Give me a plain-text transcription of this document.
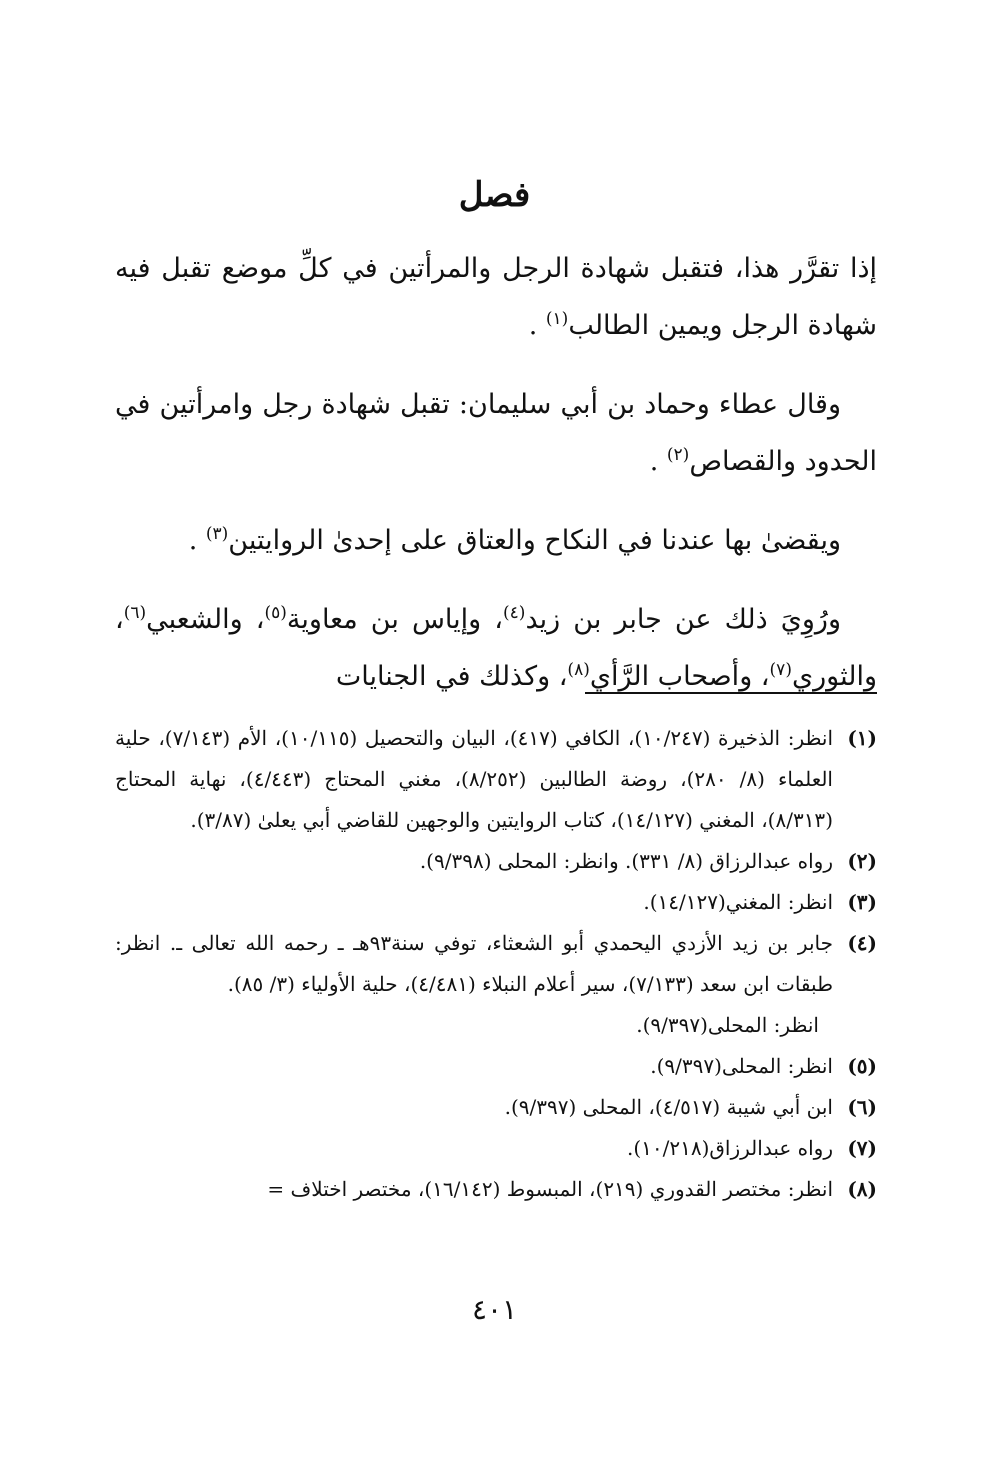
فصل

إذا تقرَّر هذا، فتقبل شهادة الرجل والمرأتين في كلِّ موضع تقبل فيه شهادة الرجل ويمين الطالب$^{(١)}$ .

وقال عطاء وحماد بن أبي سليمان: تقبل شهادة رجل وامرأتين في الحدود والقصاص$^{(٢)}$ .

ويقضىٰ بها عندنا في النكاح والعتاق على إحدىٰ الروايتين$^{(٣)}$ .

ورُوِيَ ذلك عن جابر بن زيد$^{(٤)}$، وإياس بن معاوية$^{(٥)}$، والشعبي$^{(٦)}$، والثوري$^{(٧)}$، وأصحاب الرَّأي$^{(٨)}$، وكذلك في الجنايات

(١)
انظر: الذخيرة (١٠/٢٤٧)، الكافي (٤١٧)، البيان والتحصيل (١٠/١١٥)، الأم (٧/١٤٣)، حلية العلماء (٨/ ٢٨٠)، روضة الطالبين (٨/٢٥٢)، مغني المحتاج (٤/٤٤٣)، نهاية المحتاج (٨/٣١٣)، المغني (١٤/١٢٧)، كتاب الروايتين والوجهين للقاضي أبي يعلىٰ (٣/٨٧).
(٢)
رواه عبدالرزاق (٨/ ٣٣١). وانظر: المحلى (٩/٣٩٨).
(٣)
انظر: المغني(١٤/١٢٧).
(٤)
جابر بن زيد الأزدي اليحمدي أبو الشعثاء، توفي سنة٩٣هـ ـ رحمه الله تعالى ـ. انظر: طبقات ابن سعد (٧/١٣٣)، سير أعلام النبلاء (٤/٤٨١)، حلية الأولياء (٣/ ٨٥).
انظر: المحلى(٩/٣٩٧).
(٥)
انظر: المحلى(٩/٣٩٧).
(٦)
ابن أبي شيبة (٤/٥١٧)، المحلى (٩/٣٩٧).
(٧)
رواه عبدالرزاق(١٠/٢١٨).
(٨)
انظر: مختصر القدوري (٢١٩)، المبسوط (١٦/١٤٢)، مختصر اختلاف =
٤٠١
